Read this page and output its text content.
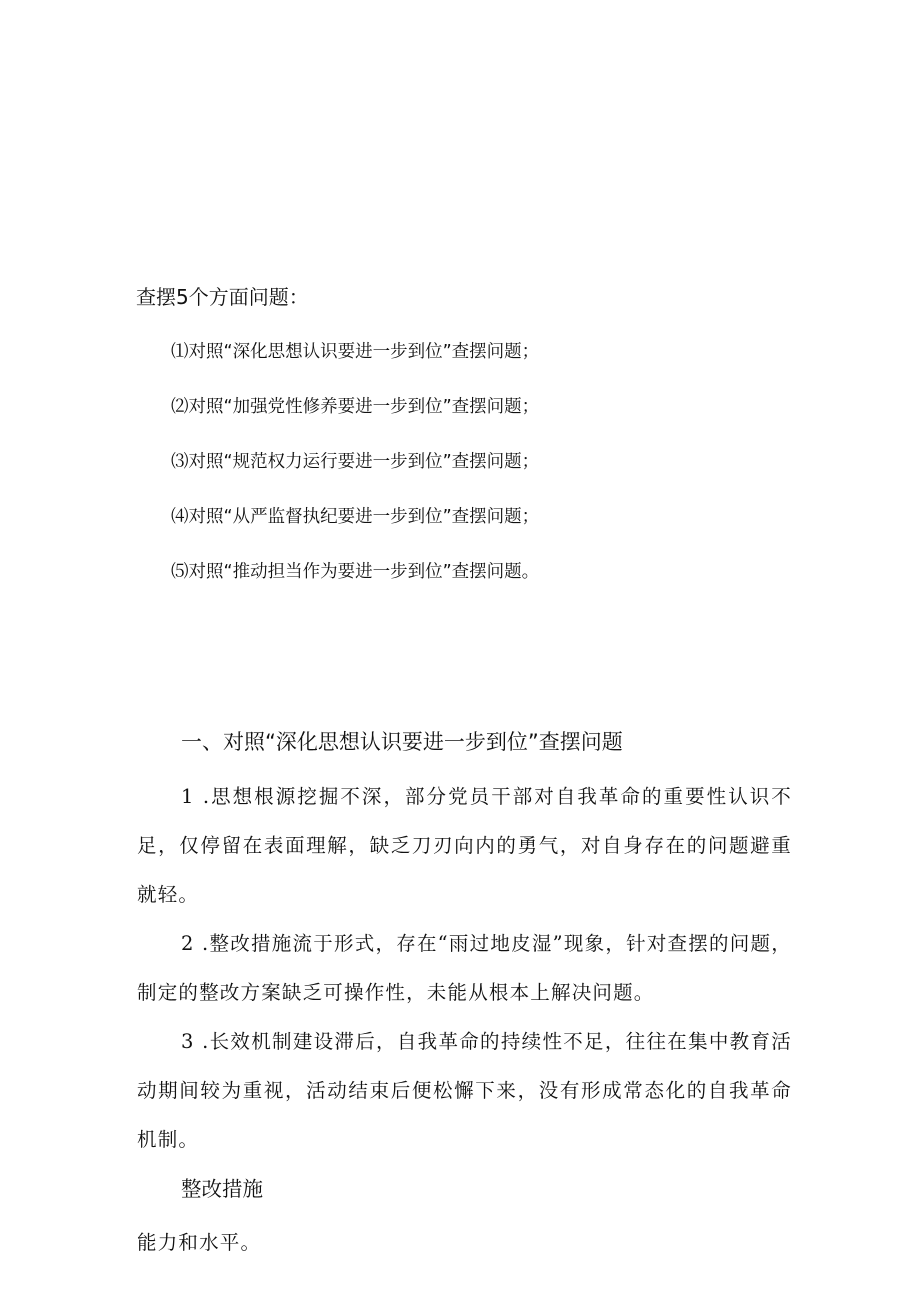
查摆5个方面问题：
⑴对照“深化思想认识要进一步到位”查摆问题；
⑵对照“加强党性修养要进一步到位”查摆问题；
⑶对照“规范权力运行要进一步到位”查摆问题；
⑷对照“从严监督执纪要进一步到位”查摆问题；
⑸对照“推动担当作为要进一步到位”查摆问题。
一、对照“深化思想认识要进一步到位”查摆问题

1 .思想根源挖掘不深，部分党员干部对自我革命的重要性认识不足，仅停留在表面理解，缺乏刀刃向内的勇气，对自身存在的问题避重就轻。

2 .整改措施流于形式，存在“雨过地皮湿”现象，针对查摆的问题，制定的整改方案缺乏可操作性，未能从根本上解决问题。

3 .长效机制建设滞后，自我革命的持续性不足，往往在集中教育活动期间较为重视，活动结束后便松懈下来，没有形成常态化的自我革命机制。

整改措施
能力和水平。
